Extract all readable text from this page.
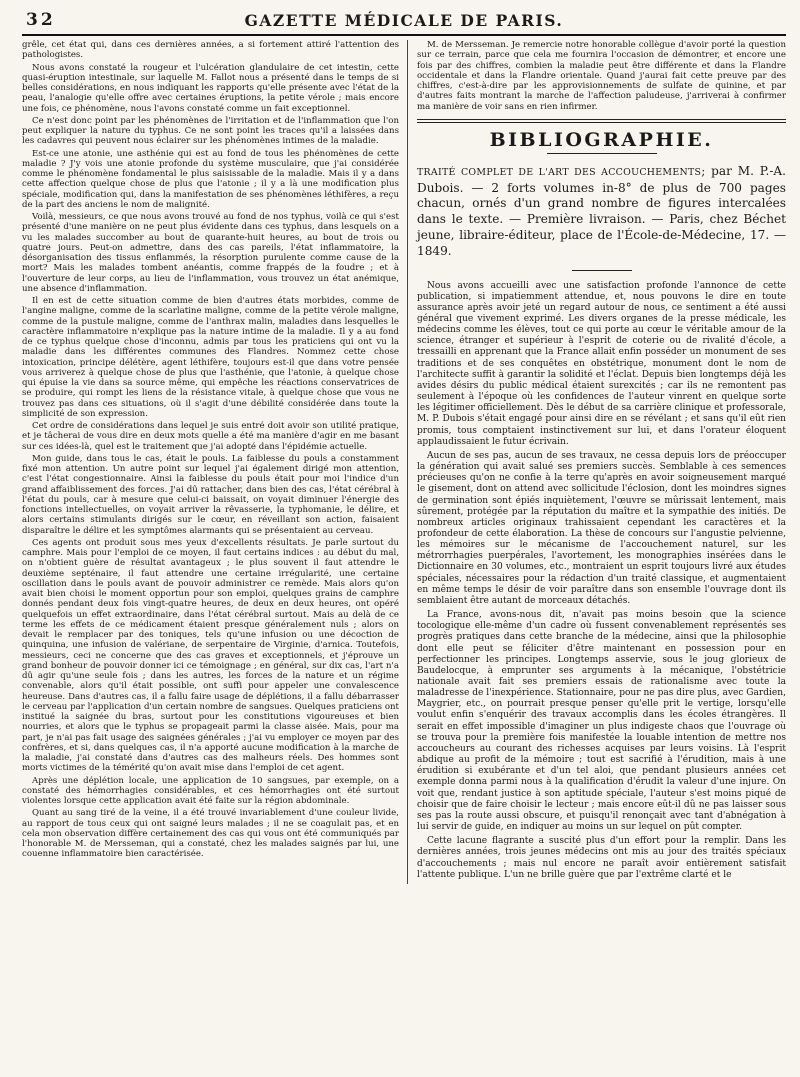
32	GAZETTE MÉDICALE DE PARIS.

grêle, cet état qui, dans ces dernières années, a si fortement attiré l'attention des pathologistes.

Nous avons constaté la rougeur et l'ulcération glandulaire de cet intestin, cette quasi-éruption intestinale, sur laquelle M. Fallot nous a présenté dans le temps de si belles considérations, en nous indiquant les rapports qu'elle présente avec l'état de la peau, l'analogie qu'elle offre avec certaines éruptions, la petite vérole ; mais encore une fois, ce phénomène, nous l'avons constaté comme un fait exceptionnel.

Ce n'est donc point par les phénomènes de l'irritation et de l'inflammation que l'on peut expliquer la nature du typhus. Ce ne sont point les traces qu'il a laissées dans les cadavres qui peuvent nous éclairer sur les phénomènes intimes de la maladie.

Est-ce une atonie, une asthénie qui est au fond de tous les phénomènes de cette maladie ? J'y vois une atonie profonde du système musculaire, que j'ai considérée comme le phénomène fondamental le plus saisissable de la maladie. Mais il y a dans cette affection quelque chose de plus que l'atonie ; il y a là une modification plus spéciale, modification qui, dans la manifestation de ses phénomènes léthifères, a reçu de la part des anciens le nom de malignité.

Voilà, messieurs, ce que nous avons trouvé au fond de nos typhus, voilà ce qui s'est présenté d'une manière on ne peut plus évidente dans ces typhus, dans lesquels on a vu les malades succomber au bout de quarante-huit heures, au bout de trois ou quatre jours. Peut-on admettre, dans des cas pareils, l'état inflammatoire, la désorganisation des tissus enflammés, la résorption purulente comme cause de la mort? Mais les malades tombent anéantis, comme frappés de la foudre ; et à l'ouverture de leur corps, au lieu de l'inflammation, vous trouvez un état anémique, une absence d'inflammation.

Il en est de cette situation comme de bien d'autres états morbides, comme de l'angine maligne, comme de la scarlatine maligne, comme de la petite vérole maligne, comme de la pustule maligne, comme de l'anthrax malin, maladies dans lesquelles le caractère inflammatoire n'explique pas la nature intime de la maladie. Il y a au fond de ce typhus quelque chose d'inconnu, admis par tous les praticiens qui ont vu la maladie dans les différentes communes des Flandres. Nommez cette chose intoxication, principe délétère, agent léthifère, toujours est-il que dans votre pensée vous arriverez à quelque chose de plus que l'asthénie, que l'atonie, à quelque chose qui épuise la vie dans sa source même, qui empêche les réactions conservatrices de se produire, qui rompt les liens de la résistance vitale, à quelque chose que vous ne trouvez pas dans ces situations, où il s'agit d'une débilité considérée dans toute la simplicité de son expression.

Cet ordre de considérations dans lequel je suis entré doit avoir son utilité pratique, et je tâcherai de vous dire en deux mots quelle a été ma manière d'agir en me basant sur ces idées-là, quel est le traitement que j'ai adopté dans l'épidémie actuelle.

Mon guide, dans tous le cas, était le pouls. La faiblesse du pouls a constamment fixé mon attention. Un autre point sur lequel j'ai également dirigé mon attention, c'est l'état congestionnaire. Ainsi la faiblesse du pouls était pour moi l'indice d'un grand affaiblissement des forces. J'ai dû rattacher, dans bien des cas, l'état cérébral à l'état du pouls, car à mesure que celui-ci baissait, on voyait diminuer l'énergie des fonctions intellectuelles, on voyait arriver la rêvasserie, la typhomanie, le délire, et alors certains stimulants dirigés sur le cœur, en réveillant son action, faisaient disparaître le délire et les symptômes alarmants qui se présentaient au cerveau.

Ces agents ont produit sous mes yeux d'excellents résultats. Je parle surtout du camphre. Mais pour l'emploi de ce moyen, il faut certains indices : au début du mal, on n'obtient guère de résultat avantageux ; le plus souvent il faut attendre le deuxième septénaire, il faut attendre une certaine irrégularité, une certaine oscillation dans le pouls avant de pouvoir administrer ce remède. Mais alors qu'on avait bien choisi le moment opportun pour son emploi, quelques grains de camphre donnés pendant deux fois vingt-quatre heures, de deux en deux heures, ont opéré quelquefois un effet extraordinaire, dans l'état cérébral surtout. Mais au delà de ce terme les effets de ce médicament étaient presque généralement nuls ; alors on devait le remplacer par des toniques, tels qu'une infusion ou une décoction de quinquina, une infusion de valériane, de serpentaire de Virginie, d'arnica. Toutefois, messieurs, ceci ne concerne que des cas graves et exceptionnels, et j'éprouve un grand bonheur de pouvoir donner ici ce témoignage ; en général, sur dix cas, l'art n'a dû agir qu'une seule fois ; dans les autres, les forces de la nature et un régime convenable, alors qu'il était possible, ont suffi pour appeler une convalescence heureuse. Dans d'autres cas, il a fallu faire usage de déplétions, il a fallu débarrasser le cerveau par l'application d'un certain nombre de sangsues. Quelques praticiens ont institué la saignée du bras, surtout pour les constitutions vigoureuses et bien nourries, et alors que le typhus se propageait parmi la classe aisée. Mais, pour ma part, je n'ai pas fait usage des saignées générales ; j'ai vu employer ce moyen par des confrères, et si, dans quelques cas, il n'a apporté aucune modification à la marche de la maladie, j'ai constaté dans d'autres cas des malheurs réels. Des hommes sont morts victimes de la témérité qu'on avait mise dans l'emploi de cet agent.

Après une déplétion locale, une application de 10 sangsues, par exemple, on a constaté des hémorrhagies considérables, et ces hémorrhagies ont été surtout violentes lorsque cette application avait été faite sur la région abdominale.

Quant au sang tiré de la veine, il a été trouvé invariablement d'une couleur livide, au rapport de tous ceux qui ont saigné leurs malades ; il ne se coagulait pas, et en cela mon observation diffère certainement des cas qui vous ont été communiqués par l'honorable M. de Mersseman, qui a constaté, chez les malades saignés par lui, une couenne inflammatoire bien caractérisée.

M. de Mersseman. Je remercie notre honorable collègue d'avoir porté la question sur ce terrain, parce que cela me fournira l'occasion de démontrer, et encore une fois par des chiffres, combien la maladie peut être différente et dans la Flandre occidentale et dans la Flandre orientale. Quand j'aurai fait cette preuve par des chiffres, c'est-à-dire par les approvisionnements de sulfate de quinine, et par d'autres faits montrant la marche de l'affection paludeuse, j'arriverai à confirmer ma manière de voir sans en rien infirmer.

BIBLIOGRAPHIE.

TRAITÉ COMPLET DE L'ART DES ACCOUCHEMENTS; par M. P.-A. Dubois. — 2 forts volumes in-8° de plus de 700 pages chacun, ornés d'un grand nombre de figures intercalées dans le texte. — Première livraison. — Paris, chez Béchet jeune, libraire-éditeur, place de l'École-de-Médecine, 17. — 1849.

Nous avons accueilli avec une satisfaction profonde l'annonce de cette publication, si impatiemment attendue, et, nous pouvons le dire en toute assurance après avoir jeté un regard autour de nous, ce sentiment a été aussi général que vivement exprimé. Les divers organes de la presse médicale, les médecins comme les élèves, tout ce qui porte au cœur le véritable amour de la science, étranger et supérieur à l'esprit de coterie ou de rivalité d'école, a tressailli en apprenant que la France allait enfin posséder un monument de ses traditions et de ses conquêtes en obstétrique, monument dont le nom de l'architecte suffit à garantir la solidité et l'éclat. Depuis bien longtemps déjà les avides désirs du public médical étaient surexcités ; car ils ne remontent pas seulement à l'époque où les confidences de l'auteur vinrent en quelque sorte les légitimer officiellement. Dès le début de sa carrière clinique et professorale, M. P. Dubois s'était engagé pour ainsi dire en se révélant ; et sans qu'il eût rien promis, tous comptaient instinctivement sur lui, et dans l'orateur éloquent applaudissaient le futur écrivain.

Aucun de ses pas, aucun de ses travaux, ne cessa depuis lors de préoccuper la génération qui avait salué ses premiers succès. Semblable à ces semences précieuses qu'on ne confie à la terre qu'après en avoir soigneusement marqué le gisement, dont on attend avec sollicitude l'éclosion, dont les moindres signes de germination sont épiés inquiètement, l'œuvre se mûrissait lentement, mais sûrement, protégée par la réputation du maître et la sympathie des initiés. De nombreux articles originaux trahissaient cependant les caractères et la profondeur de cette élaboration. La thèse de concours sur l'angustie pelvienne, les mémoires sur le mécanisme de l'accouchement naturel, sur les métrorrhagies puerpérales, l'avortement, les monographies insérées dans le Dictionnaire en 30 volumes, etc., montraient un esprit toujours livré aux études spéciales, nécessaires pour la rédaction d'un traité classique, et augmentaient en même temps le désir de voir paraître dans son ensemble l'ouvrage dont ils semblaient être autant de morceaux détachés.

La France, avons-nous dit, n'avait pas moins besoin que la science tocologique elle-même d'un cadre où fussent convenablement représentés ses progrès pratiques dans cette branche de la médecine, ainsi que la philosophie dont elle peut se féliciter d'être maintenant en possession pour en perfectionner les principes. Longtemps asservie, sous le joug glorieux de Baudelocque, à emprunter ses arguments à la mécanique, l'obstétricie nationale avait fait ses premiers essais de rationalisme avec toute la maladresse de l'inexpérience. Stationnaire, pour ne pas dire plus, avec Gardien, Maygrier, etc., on pourrait presque penser qu'elle prit le vertige, lorsqu'elle voulut enfin s'enquérir des travaux accomplis dans les écoles étrangères. Il serait en effet impossible d'imaginer un plus indigeste chaos que l'ouvrage où se trouva pour la première fois manifestée la louable intention de mettre nos accoucheurs au courant des richesses acquises par leurs voisins. Là l'esprit abdique au profit de la mémoire ; tout est sacrifié à l'érudition, mais à une érudition si exubérante et d'un tel aloi, que pendant plusieurs années cet exemple donna parmi nous à la qualification d'érudit la valeur d'une injure. On voit que, rendant justice à son aptitude spéciale, l'auteur s'est moins piqué de choisir que de faire choisir le lecteur ; mais encore eût-il dû ne pas laisser sous ses pas la route aussi obscure, et puisqu'il renonçait avec tant d'abnégation à lui servir de guide, en indiquer au moins un sur lequel on pût compter.

Cette lacune flagrante a suscité plus d'un effort pour la remplir. Dans les dernières années, trois jeunes médecins ont mis au jour des traités spéciaux d'accouchements ; mais nul encore ne paraît avoir entièrement satisfait l'attente publique. L'un ne brille guère que par l'extrême clarté et le
